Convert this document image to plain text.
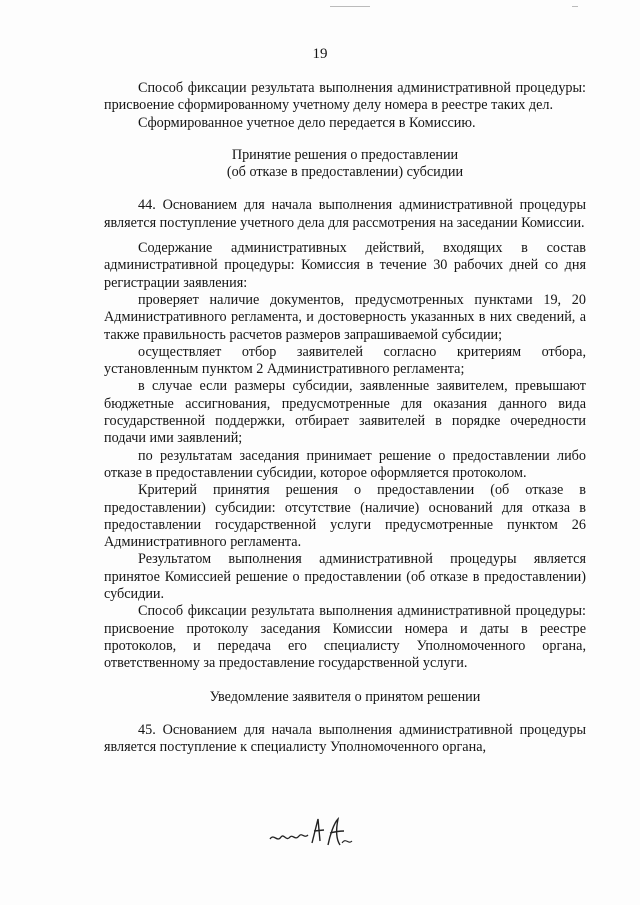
19

Способ фиксации результата выполнения административной процедуры: присвоение сформированному учетному делу номера в реестре таких дел.

Сформированное учетное дело передается в Комиссию.

Принятие решения о предоставлении
(об отказе в предоставлении) субсидии

44. Основанием для начала выполнения административной процедуры является поступление учетного дела для рассмотрения на заседании Комиссии.

Содержание административных действий, входящих в состав административной процедуры: Комиссия в течение 30 рабочих дней со дня регистрации заявления:

проверяет наличие документов, предусмотренных пунктами 19, 20 Административного регламента, и достоверность указанных в них сведений, а также правильность расчетов размеров запрашиваемой субсидии;

осуществляет отбор заявителей согласно критериям отбора, установленным пунктом 2 Административного регламента;

в случае если размеры субсидии, заявленные заявителем, превышают бюджетные ассигнования, предусмотренные для оказания данного вида государственной поддержки, отбирает заявителей в порядке очередности подачи ими заявлений;

по результатам заседания принимает решение о предоставлении либо отказе в предоставлении субсидии, которое оформляется протоколом.

Критерий принятия решения о предоставлении (об отказе в предоставлении) субсидии: отсутствие (наличие) оснований для отказа в предоставлении государственной услуги предусмотренные пунктом 26 Административного регламента.

Результатом выполнения административной процедуры является принятое Комиссией решение о предоставлении (об отказе в предоставлении) субсидии.

Способ фиксации результата выполнения административной процедуры: присвоение протоколу заседания Комиссии номера и даты в реестре протоколов, и передача его специалисту Уполномоченного органа, ответственному за предоставление государственной услуги.

Уведомление заявителя о принятом решении

45. Основанием для начала выполнения административной процедуры является поступление к специалисту Уполномоченного органа,
